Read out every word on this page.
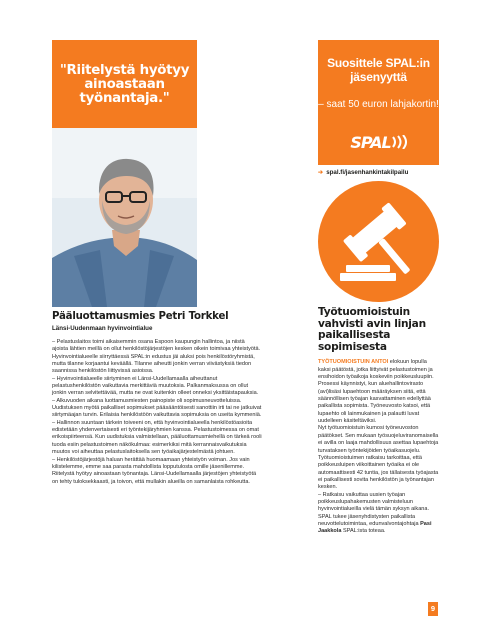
"Riitelystä hyötyy ainoastaan työnantaja."
Pääluottamusmies Petri Torkkel
Länsi-Uudenmaan hyvinvointialue

– Pelastuslaitos toimi aikaisemmin osana Espoon kaupungin hallintoa, ja niistä ajoista lähtien meillä on ollut henkilöstöjärjestöjen kesken oikein toimivaa yhteistyötä. Hyvinvointialueelle siirryttäessä SPAL:in edustus jäi aluksi pois henkilöstöryhmistä, mutta tilanne korjaantui keväällä. Tilanne aiheutti jonkin verran viivästyksiä tiedon saannissa henkilöstön liittyvissä asioissa.

– Hyvinvointialueelle siirtyminen ei Länsi-Uudellamaalla aiheuttanut pelastushenkilöstön vaikuttavia merkittäviä muutoksia. Palkanmaksussa on ollut jonkin verran selvitettävää, mutta ne ovat kuitenkin olleet onneksi yksittäistapauksia.

– Alkuvuoden aikana luottamusmiesten painopiste oli sopimusneuvotteluissa. Uudistuksen myötä paikalliset sopimukset pääsääntöisesti sanottiin irti tai ne jatkuivat siirtymäajan turvin. Erilaisia henkilöstöön vaikuttavia sopimuksia on useita kymmeniä.

– Hallinnon suuntaan tärkein toiveeni on, että hyvinvointialueella henkilöstöasioita edistetään yhdenvertaisesti eri työntekijäryhmien kanssa. Pelastustoimessa on omat erikoispiirteensä. Kun uudistuksia valmistellaan, pääluottamusmiehellä on tärkeä rooli tuoda esiin pelastustoimen näkökulmaa: esimerkiksi mitä kerrannaisvaikutuksia muutos voi aiheuttaa pelastuslaitoksella sen työaikajärjestelmästä johtuen.

– Henkilöstöjärjestöjä haluan herättää huomaamaan yhteistyön voiman. Jos vain kilistelemme, emme saa parasta mahdollista lopputulosta omille jäsenillemme. Riitelystä hyötyy ainoastaan työnantaja. Länsi-Uudellamaalla järjestöjen yhteistyötä on tehty tuloksekkaasti, ja toivon, että mullakin alueilla on samanlaista rohkeutta.

Suosittele SPAL:in jäsenyyttä
– saat 50 euron lahjakortin!
SPAL
➔ spal.fi/jasenhankintakilpailu
Työtuomioistuin vahvisti avin linjan paikallisesta sopimisesta

TYÖTUOMIOISTUIN ANTOI elokuun lopulla kaksi päätöstä, jotka liittyivät pelastustoimen ja ensihoidon työaikoja koskeviin poikkeusluupiin.

Prosessi käynnistyi, kun aluehallintovirasto (avi)lisäsi lupaehtoon määräyksen siitä, että säännöllisen työajan kasvattaminen edellyttää paikallista sopimista. Työneuvosto katsoi, että lupaehto oli lainmukainen ja palautti luvat uudelleen käsiteltäviksi.

Nyt työtuomioistuin kumosi työneuvoston päätökset. Sen mukaan työsuojeluviranomaisella ei avilla on laaja mahdollisuus asettaa lupaehtoja turvataksen työntekijöiden työaikasuojelu.

Työtuomioistuimen ratkaisu tarkoittaa, että poikkeusluipen viikoittainen työaika ei ole automaattisesti 42 tuntia, jos tällaisesta työajasta ei paikallisesti sovita henkilöstön ja työnantajan kesken.

– Ratkaisu vaikuttaa uusien työajan poikkeuslupahakemusten valmisteluun hyvinvointialueilla vielä tämän syksyn aikana. SPAL tukee jäsenyhdistysten paikallista neuvottelutoimintaa, edunvalvontajohtaja Pasi Jaakkola SPAL:ista toteaa.

9
